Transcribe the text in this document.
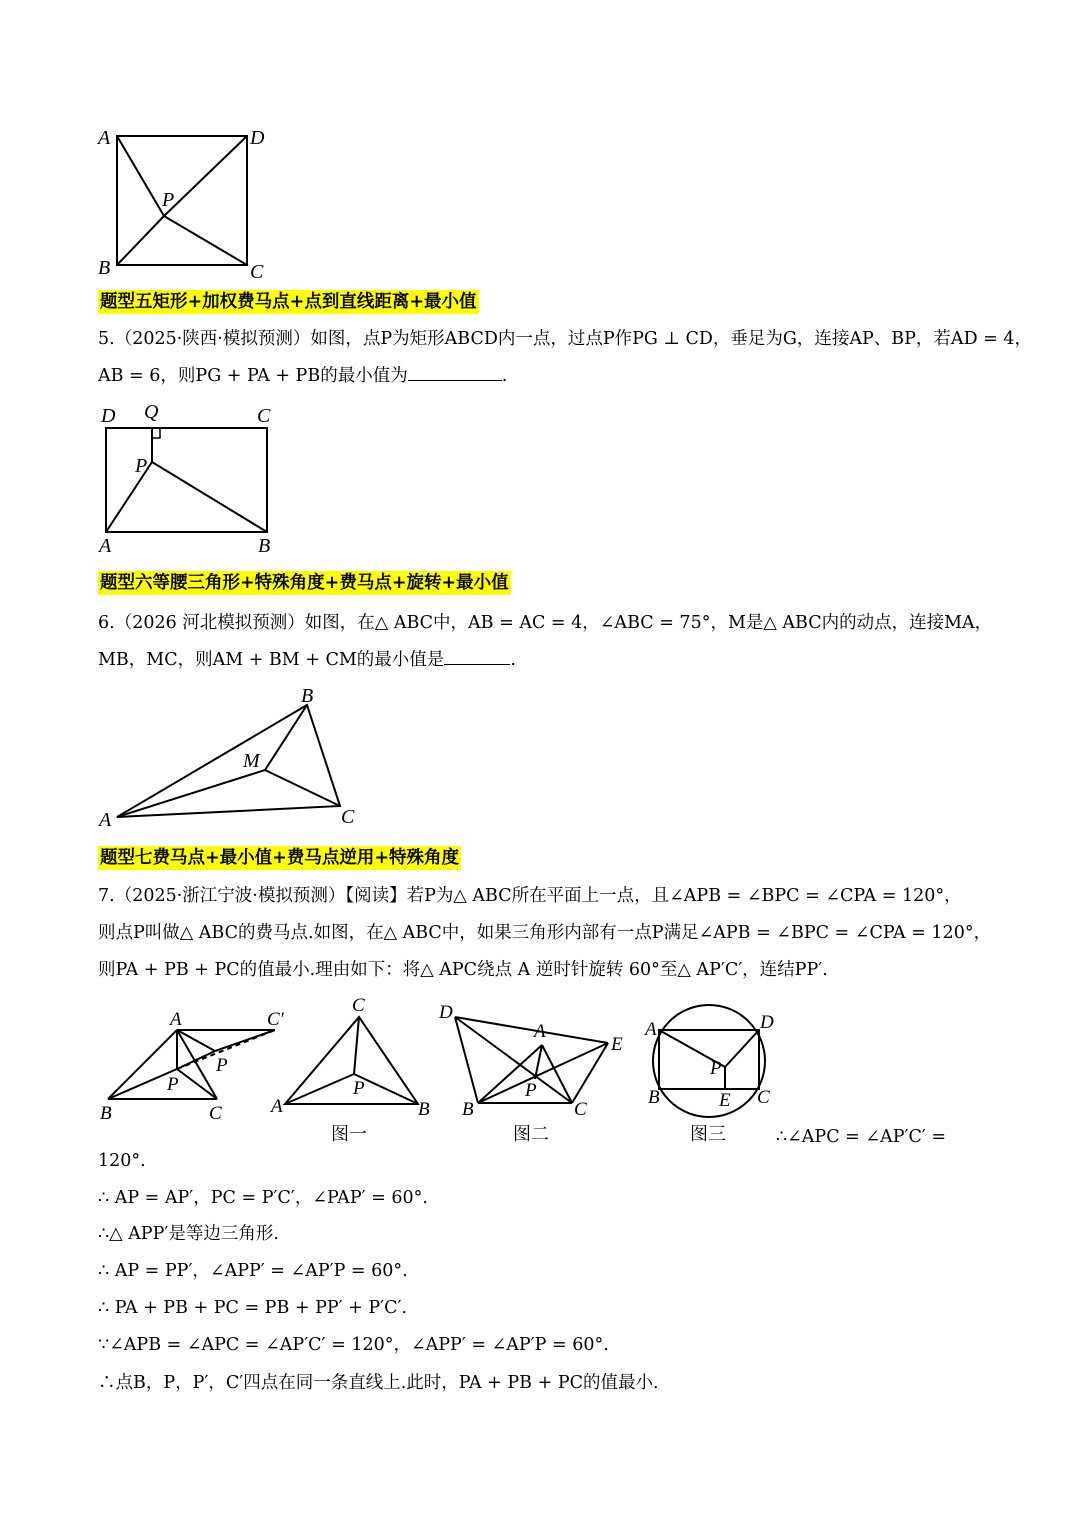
A	D
B	C
P
题型五矩形+加权费马点+点到直线距离+最小值
5.（2025·陕西·模拟预测）如图，点P为矩形ABCD内一点，过点P作PG ⊥ CD，垂足为G，连接AP、BP，若AD = 4，
AB = 6，则PG + PA + PB的最小值为	.
D Q	C
P
A	B
题型六等腰三角形+特殊角度+费马点+旋转+最小值
6.（2026 河北模拟预测）如图，在△ ABC中，AB = AC = 4，∠ABC = 75°，M是△ ABC内的动点，连接MA，
MB，MC，则AM + BM + CM的最小值是	.
B
M
A	C
题型七费马点+最小值+费马点逆用+特殊角度
7.（2025·浙江宁波·模拟预测）【阅读】若P为△ ABC所在平面上一点，且∠APB = ∠BPC = ∠CPA = 120°，
则点P叫做△ ABC的费马点.如图，在△ ABC中，如果三角形内部有一点P满足∠APB = ∠BPC = ∠CPA = 120°，
则PA + PB + PC的值最小.理由如下：将△ APC绕点 A 逆时针旋转 60°至△ AP′C′，连结PP′.
A	C′
P
P
B	C
C
P
A	B
D
A
E
P
B	C
A	D
P
B	E C
图一	图二	图三	∴∠APC = ∠AP′C′ =
120°.
∴ AP = AP′，PC = P′C′，∠PAP′ = 60°.
∴△ APP′是等边三角形.
∴ AP = PP′，∠APP′ = ∠AP′P = 60°.
∴ PA + PB + PC = PB + PP′ + P′C′.
∵∠APB = ∠APC = ∠AP′C′ = 120°，∠APP′ = ∠AP′P = 60°.
∴点B，P，P′，C′四点在同一条直线上.此时，PA + PB + PC的值最小.
